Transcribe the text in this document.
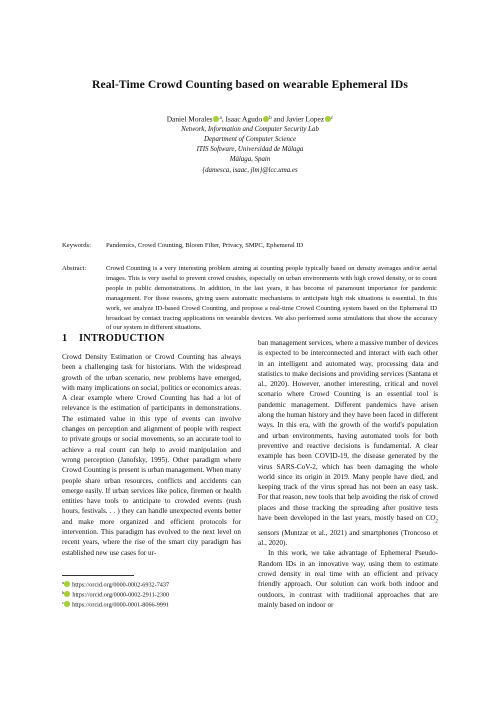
Real-Time Crowd Counting based on wearable Ephemeral IDs
Daniel Morales $^a$, Isaac Agudo $^b$ and Javier Lopez $^c$
Network, Information and Computer Security Lab
Department of Computer Science
ITIS Software, Universidad de Málaga
Málaga, Spain
{damesca, isaac, jlm}@lcc.uma.es
Keywords:	Pandemics, Crowd Counting, Bloom Filter, Privacy, SMPC, Ephemeral ID
Abstract:	Crowd Counting is a very interesting problem aiming at counting people typically based on density averages and/or aerial images. This is very useful to prevent crowd crushes, especially on urban environments with high crowd density, or to count people in public demonstrations. In addition, in the last years, it has become of paramount importance for pandemic management. For those reasons, giving users automatic mechanisms to anticipate high risk situations is essential. In this work, we analyze ID-based Crowd Counting, and propose a real-time Crowd Counting system based on the Ephemeral ID broadcast by contact tracing applications on wearable devices. We also performed some simulations that show the accuracy of our system in different situations.
1 INTRODUCTION

Crowd Density Estimation or Crowd Counting has always been a challenging task for historians. With the widespread growth of the urban scenario, new problems have emerged, with many implications on social, politics or economics areas. A clear example where Crowd Counting has had a lot of relevance is the estimation of participants in demonstrations. The estimated value in this type of events can involve changes on perception and alignment of people with respect to private groups or social movements, so an accurate tool to achieve a real count can help to avoid manipulation and wrong perception (Janofsky, 1995). Other paradigm where Crowd Counting is present is urban management. When many people share urban resources, conflicts and accidents can emerge easily. If urban services like police, firemen or health entities have tools to anticipate to crowded events (rush hours, festivals. . . ) they can handle unexpected events better and make more organized and efficient protocols for intervention. This paradigm has evolved to the next level on recent years, where the rise of the smart city paradigm has established new use cases for ur-

ban management services, where a massive number of devices is expected to be interconnected and interact with each other in an intelligent and automated way, processing data and statistics to make decisions and providing services (Santana et al., 2020). However, another interesting, critical and novel scenario where Crowd Counting is an essential tool is pandemic management. Different pandemics have arisen along the human history and they have been faced in different ways. In this era, with the growth of the world's population and urban environments, having automated tools for both preventive and reactive decisions is fundamental. A clear example has been COVID-19, the disease generated by the virus SARS-CoV-2, which has been damaging the whole world since its origin in 2019. Many people have died, and keeping track of the virus spread has not been an easy task. For that reason, new tools that help avoiding the risk of crowd places and those tracking the spreading after positive tests have been developed in the last years, mostly based on $CO_2$ sensors (Muntzar et al., 2021) and smartphones (Troncoso et al., 2020).

In this work, we take advantage of Ephemeral Pseudo-Random IDs in an innovative way, using them to estimate crowd density in real time with an efficient and privacy friendly approach. Our solution can work both indoor and outdoors, in contrast with traditional approaches that are mainly based on indoor or

$^a$ https://orcid.org/0000-0002-6932-7437
$^b$ https://orcid.org/0000-0002-2911-2300
$^c$ https://orcid.org/0000-0001-8066-9991
